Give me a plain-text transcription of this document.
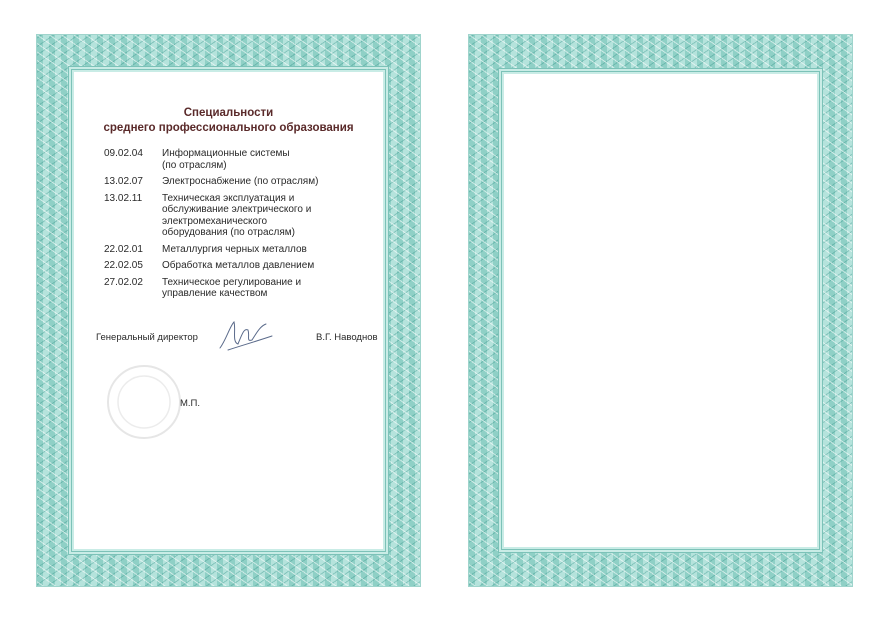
Специальности
среднего профессионального образования
09.02.04	Информационные системы
(по отраслям)
13.02.07	Электроснабжение (по отраслям)
13.02.11	Техническая эксплуатация и
обслуживание электрического и
электромеханического
оборудования (по отраслям)
22.02.01	Металлургия черных металлов
22.02.05	Обработка металлов давлением
27.02.02	Техническое регулирование и
управление качеством
Генеральный директор	В.Г. Наводнов
М.П.
